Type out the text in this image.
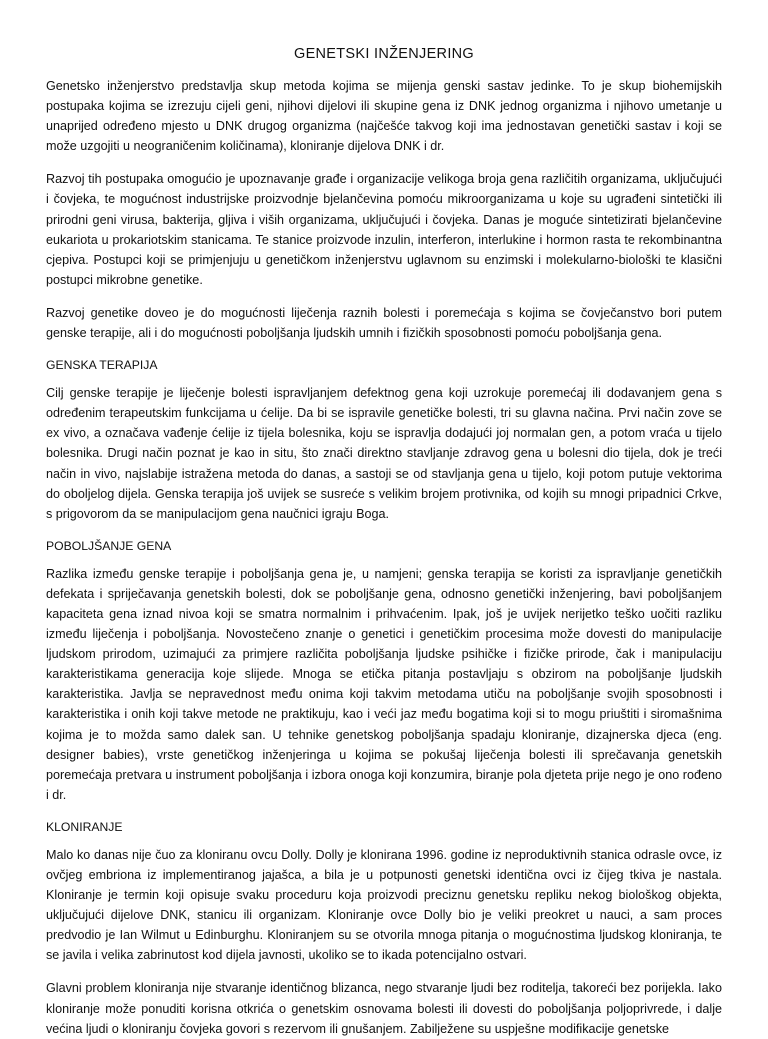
GENETSKI INŽENJERING

Genetsko inženjerstvo predstavlja skup metoda kojima se mijenja genski sastav jedinke. To je skup biohemijskih postupaka kojima se izrezuju cijeli geni, njihovi dijelovi ili skupine gena iz DNK jednog organizma i njihovo umetanje u unaprijed određeno mjesto u DNK drugog organizma (najčešće takvog koji ima jednostavan genetički sastav i koji se može uzgojiti u neograničenim količinama), kloniranje dijelova DNK i dr.

Razvoj tih postupaka omogućio je upoznavanje građe i organizacije velikoga broja gena različitih organizama, uključujući i čovjeka, te mogućnost industrijske proizvodnje bjelančevina pomoću mikroorganizama u koje su ugrađeni sintetički ili prirodni geni virusa, bakterija, gljiva i viših organizama, uključujući i čovjeka. Danas je moguće sintetizirati bjelančevine eukariota u prokariotskim stanicama. Te stanice proizvode inzulin, interferon, interlukine i hormon rasta te rekombinantna cjepiva. Postupci koji se primjenjuju u genetičkom inženjerstvu uglavnom su enzimski i molekularno-biološki te klasični postupci mikrobne genetike.

Razvoj genetike doveo je do mogućnosti liječenja raznih bolesti i poremećaja s kojima se čovječanstvo bori putem genske terapije, ali i do mogućnosti poboljšanja ljudskih umnih i fizičkih sposobnosti pomoću poboljšanja gena.

GENSKA TERAPIJA

Cilj genske terapije je liječenje bolesti ispravljanjem defektnog gena koji uzrokuje poremećaj ili dodavanjem gena s određenim terapeutskim funkcijama u ćelije. Da bi se ispravile genetičke bolesti, tri su glavna načina. Prvi način zove se ex vivo, a označava vađenje ćelije iz tijela bolesnika, koju se ispravlja dodajući joj normalan gen, a potom vraća u tijelo bolesnika. Drugi način poznat je kao in situ, što znači direktno stavljanje zdravog gena u bolesni dio tijela, dok je treći način in vivo, najslabije istražena metoda do danas, a sastoji se od stavljanja gena u tijelo, koji potom putuje vektorima do oboljelog dijela. Genska terapija još uvijek se susreće s velikim brojem protivnika, od kojih su mnogi pripadnici Crkve, s prigovorom da se manipulacijom gena naučnici igraju Boga.

POBOLJŠANJE GENA

Razlika između genske terapije i poboljšanja gena je, u namjeni; genska terapija se koristi za ispravljanje genetičkih defekata i spriječavanja genetskih bolesti, dok se poboljšanje gena, odnosno genetički inženjering, bavi poboljšanjem kapaciteta gena iznad nivoa koji se smatra normalnim i prihvaćenim. Ipak, još je uvijek nerijetko teško uočiti razliku između liječenja i poboljšanja. Novostečeno znanje o genetici i genetičkim procesima može dovesti do manipulacije ljudskom prirodom, uzimajući za primjere različita poboljšanja ljudske psihičke i fizičke prirode, čak i manipulaciju karakteristikama generacija koje slijede. Mnoga se etička pitanja postavljaju s obzirom na poboljšanje ljudskih karakteristika. Javlja se nepravednost među onima koji takvim metodama utiču na poboljšanje svojih sposobnosti i karakteristika i onih koji takve metode ne praktikuju, kao i veći jaz među bogatima koji si to mogu priuštiti i siromašnima kojima je to možda samo dalek san. U tehnike genetskog poboljšanja spadaju kloniranje, dizajnerska djeca (eng. designer babies), vrste genetičkog inženjeringa u kojima se pokušaj liječenja bolesti ili sprečavanja genetskih poremećaja pretvara u instrument poboljšanja i izbora onoga koji konzumira, biranje pola djeteta prije nego je ono rođeno i dr.

KLONIRANJE

Malo ko danas nije čuo za kloniranu ovcu Dolly. Dolly je klonirana 1996. godine iz neproduktivnih stanica odrasle ovce, iz ovčjeg embriona iz implementiranog jajašca, a bila je u potpunosti genetski identična ovci iz čijeg tkiva je nastala. Kloniranje je termin koji opisuje svaku proceduru koja proizvodi preciznu genetsku repliku nekog biološkog objekta, uključujući dijelove DNK, stanicu ili organizam. Kloniranje ovce Dolly bio je veliki preokret u nauci, a sam proces predvodio je Ian Wilmut u Edinburghu. Kloniranjem su se otvorila mnoga pitanja o mogućnostima ljudskog kloniranja, te se javila i velika zabrinutost kod dijela javnosti, ukoliko se to ikada potencijalno ostvari.

Glavni problem kloniranja nije stvaranje identičnog blizanca, nego stvaranje ljudi bez roditelja, takoreći bez porijekla. Iako kloniranje može ponuditi korisna otkrića o genetskim osnovama bolesti ili dovesti do poboljšanja poljoprivrede, i dalje većina ljudi o kloniranju čovjeka govori s rezervom ili gnušanjem. Zabilježene su uspješne modifikacije genetske
